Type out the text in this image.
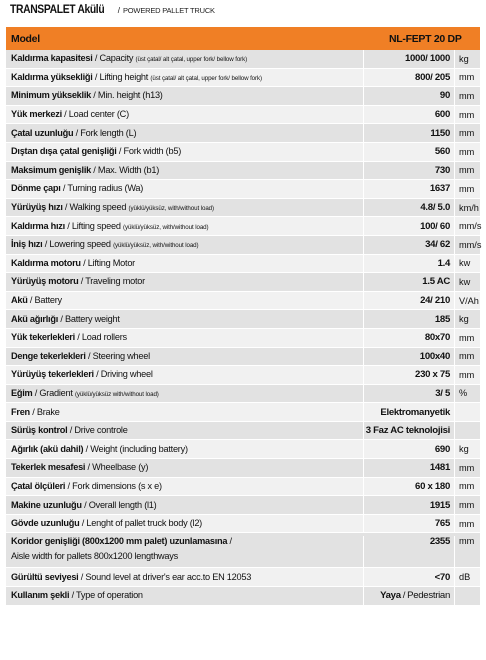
TRANSPALET Akülü / POWERED PALLET TRUCK
Model	NL-FEPT 20 DP
Kaldırma kapasitesi / Capacity (üst çatal/ alt çatal, upper fork/ bellow fork)	1000/ 1000 kg
Kaldırma yüksekliği / Lifting height (üst çatal/ alt çatal, upper fork/ bellow fork)	800/ 205 mm
Minimum yükseklik / Min. height (h13)	90 mm
Yük merkezi / Load center (C)	600 mm
Çatal uzunluğu / Fork length (L)	1150 mm
Dıştan dışa çatal genişliği / Fork width (b5)	560 mm
Maksimum genişlik / Max. Width (b1)	730 mm
Dönme çapı / Turning radius (Wa)	1637 mm
Yürüyüş hızı / Walking speed (yüklü/yüksüz, with/without load)	4.8/ 5.0 km/h
Kaldırma hızı / Lifting speed (yüklü/yüksüz, with/without load)	100/ 60 mm/s
İniş hızı / Lowering speed (yüklü/yüksüz, with/without load)	34/ 62 mm/s
Kaldırma motoru / Lifting Motor	1.4 kw
Yürüyüş motoru / Traveling motor	1.5 AC kw
Akü / Battery	24/ 210 V/Ah
Akü ağırlığı / Battery weight	185 kg
Yük tekerlekleri / Load rollers	80x70 mm
Denge tekerlekleri / Steering wheel	100x40 mm
Yürüyüş tekerlekleri / Driving wheel	230 x 75 mm
Eğim / Gradient (yüklü/yüksüz with/without load)	3/ 5 %
Fren / Brake	Elektromanyetik
Sürüş kontrol / Drive controle	3 Faz AC teknolojisi
Ağırlık (akü dahil) / Weight (including battery)	690 kg
Tekerlek mesafesi / Wheelbase (y)	1481 mm
Çatal ölçüleri / Fork dimensions (s x e)	60 x 180 mm
Makine uzunluğu / Overall length (l1)	1915 mm
Gövde uzunluğu / Lenght of pallet truck body (l2)	765 mm
Koridor genişliği (800x1200 mm palet) uzunlamasına /
Aisle width for pallets 800x1200 lengthways
2355 mm
Gürültü seviyesi / Sound level at driver's ear acc.to EN 12053	<70 dB
Kullanım şekli / Type of operation	Yaya / Pedestrian
